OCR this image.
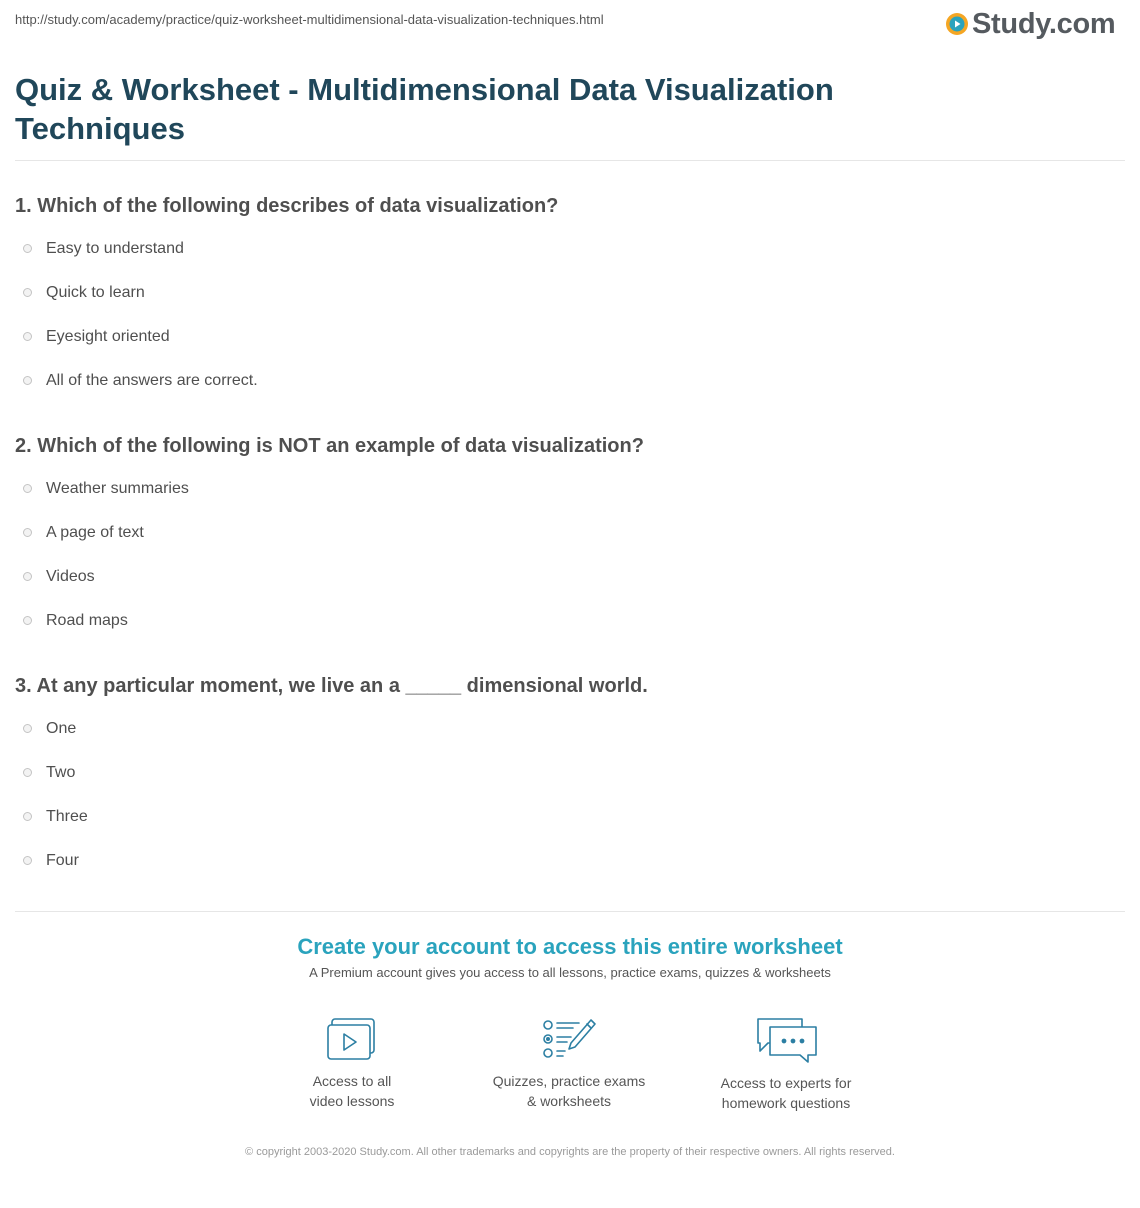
http://study.com/academy/practice/quiz-worksheet-multidimensional-data-visualization-techniques.html	Study.com
Quiz & Worksheet - Multidimensional Data Visualization Techniques
1. Which of the following describes of data visualization?
Easy to understand
Quick to learn
Eyesight oriented
All of the answers are correct.
2. Which of the following is NOT an example of data visualization?
Weather summaries
A page of text
Videos
Road maps
3. At any particular moment, we live an a _____ dimensional world.
One
Two
Three
Four
Create your account to access this entire worksheet
A Premium account gives you access to all lessons, practice exams, quizzes & worksheets
Access to all
video lessons
Quizzes, practice exams
& worksheets
Access to experts for
homework questions
© copyright 2003-2020 Study.com. All other trademarks and copyrights are the property of their respective owners. All rights reserved.
